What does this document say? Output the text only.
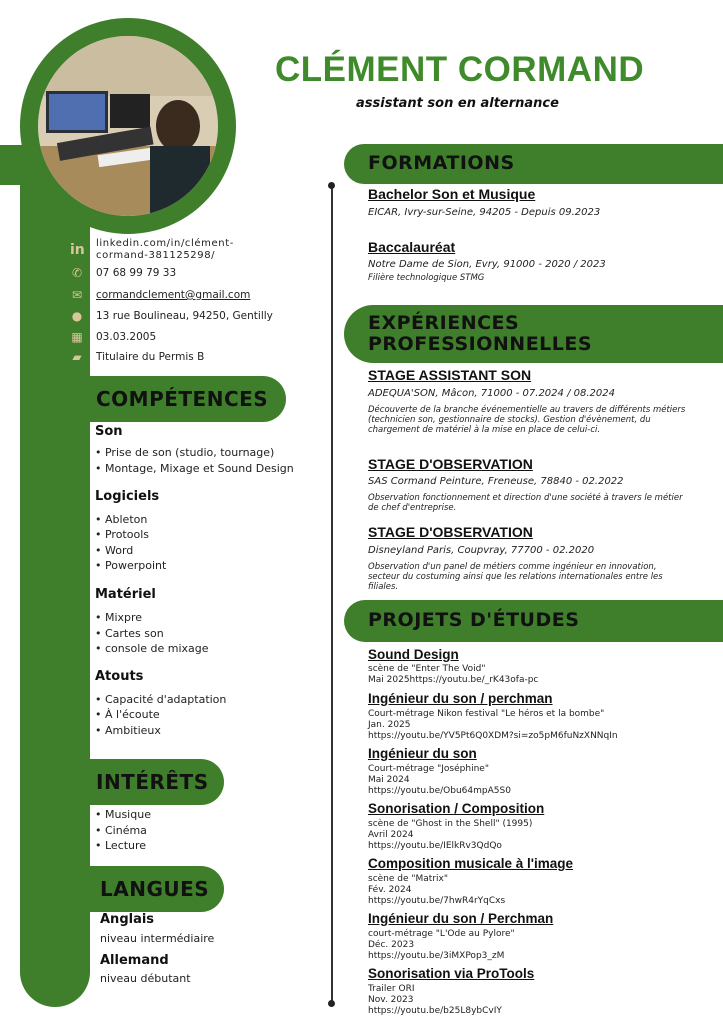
in linkedin.com/in/clément-
cormand-381125298/
✆ 07 68 99 79 33
✉ cormandclement@gmail.com
● 13 rue Boulineau, 94250, Gentilly
▦ 03.03.2005
▰ Titulaire du Permis B
COMPÉTENCES
Son
• Prise de son (studio, tournage)
• Montage, Mixage et Sound Design
Logiciels
• Ableton
• Protools
• Word
• Powerpoint
Matériel
• Mixpre
• Cartes son
• console de mixage
Atouts
• Capacité d'adaptation
• À l'écoute
• Ambitieux
INTÉRÊTS
• Musique
• Cinéma
• Lecture
LANGUES
Anglais
niveau intermédiaire
Allemand
niveau débutant
CLÉMENT CORMAND
assistant son en alternance
FORMATIONS
Bachelor Son et Musique
EICAR, Ivry-sur-Seine, 94205 - Depuis 09.2023
Baccalauréat
Notre Dame de Sion, Evry, 91000 - 2020 / 2023
Filière technologique STMG
EXPÉRIENCES
PROFESSIONNELLES
STAGE ASSISTANT SON
ADEQUA'SON, Mâcon, 71000 - 07.2024 / 08.2024
Découverte de la branche événementielle au travers de différents métiers (technicien son, gestionnaire de stocks). Gestion d'évènement, du chargement de matériel à la mise en place de celui-ci.
STAGE D'OBSERVATION
SAS Cormand Peinture, Freneuse, 78840 - 02.2022
Observation fonctionnement et direction d'une société à travers le métier de chef d'entreprise.
STAGE D'OBSERVATION
Disneyland Paris, Coupvray, 77700 - 02.2020
Observation d'un panel de métiers comme ingénieur en innovation, secteur du costuming ainsi que les relations internationales entre les filiales.
PROJETS D'ÉTUDES
Sound Design
scène de "Enter The Void"
Mai 2025https://youtu.be/_rK43ofa-pc
Ingénieur du son / perchman
Court-métrage Nikon festival "Le héros et la bombe"
Jan. 2025
https://youtu.be/YV5Pt6Q0XDM?si=zo5pM6fuNzXNNqIn
Ingénieur du son
Court-métrage "Joséphine"
Mai 2024
https://youtu.be/Obu64mpA5S0
Sonorisation / Composition
scène de "Ghost in the Shell" (1995)
Avril 2024
https://youtu.be/IElkRv3QdQo
Composition musicale à l'image
scène de "Matrix"
Fév. 2024
https://youtu.be/7hwR4rYqCxs
Ingénieur du son / Perchman
court-métrage "L'Ode au Pylore"
Déc. 2023
https://youtu.be/3iMXPop3_zM
Sonorisation via ProTools
Trailer ORI
Nov. 2023
https://youtu.be/b25L8ybCvIY
